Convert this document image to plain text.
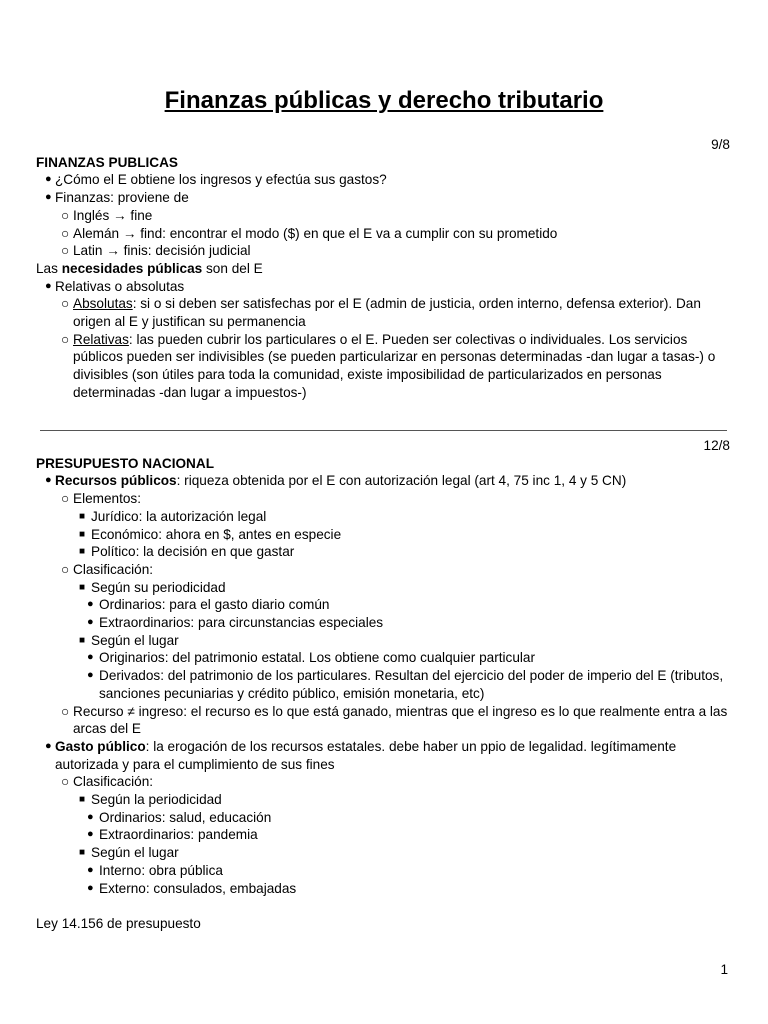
Finanzas públicas y derecho tributario
9/8
FINANZAS PUBLICAS
● ¿Cómo el E obtiene los ingresos y efectúa sus gastos?
● Finanzas: proviene de
○ Inglés → fine
○ Alemán → find: encontrar el modo ($) en que el E va a cumplir con su prometido
○ Latin → finis: decisión judicial
Las necesidades públicas son del E
● Relativas o absolutas
○ Absolutas: si o si deben ser satisfechas por el E (admin de justicia, orden interno, defensa exterior). Dan origen al E y justifican su permanencia
○ Relativas: las pueden cubrir los particulares o el E. Pueden ser colectivas o individuales. Los servicios públicos pueden ser indivisibles (se pueden particularizar en personas determinadas -dan lugar a tasas-) o divisibles (son útiles para toda la comunidad, existe imposibilidad de particularizados en personas determinadas -dan lugar a impuestos-)
12/8
PRESUPUESTO NACIONAL
● Recursos públicos: riqueza obtenida por el E con autorización legal (art 4, 75 inc 1, 4 y 5 CN)
○ Elementos:
■ Jurídico: la autorización legal
■ Económico: ahora en $, antes en especie
■ Político: la decisión en que gastar
○ Clasificación:
■ Según su periodicidad
● Ordinarios: para el gasto diario común
● Extraordinarios: para circunstancias especiales
■ Según el lugar
● Originarios: del patrimonio estatal. Los obtiene como cualquier particular
● Derivados: del patrimonio de los particulares. Resultan del ejercicio del poder de imperio del E (tributos, sanciones pecuniarias y crédito público, emisión monetaria, etc)
○ Recurso ≠ ingreso: el recurso es lo que está ganado, mientras que el ingreso es lo que realmente entra a las arcas del E
● Gasto público: la erogación de los recursos estatales. debe haber un ppio de legalidad. legítimamente autorizada y para el cumplimiento de sus fines
○ Clasificación:
■ Según la periodicidad
● Ordinarios: salud, educación
● Extraordinarios: pandemia
■ Según el lugar
● Interno: obra pública
● Externo: consulados, embajadas
Ley 14.156 de presupuesto
1
